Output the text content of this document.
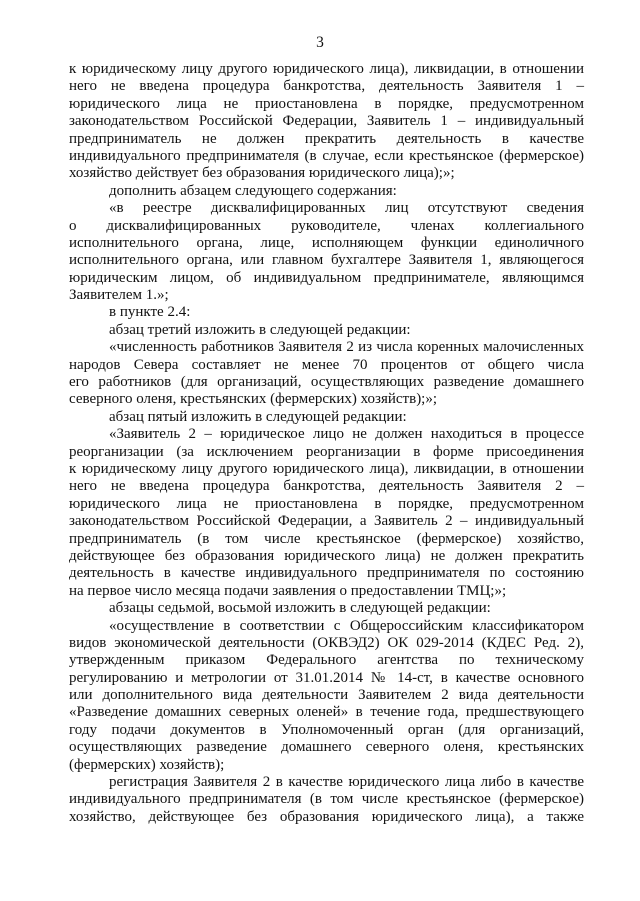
3
к юридическому лицу другого юридического лица), ликвидации, в отношении
него не введена процедура банкротства, деятельность Заявителя 1 –
юридического лица не приостановлена в порядке, предусмотренном
законодательством Российской Федерации, Заявитель 1 – индивидуальный
предприниматель не должен прекратить деятельность в качестве
индивидуального предпринимателя (в случае, если крестьянское (фермерское)
хозяйство действует без образования юридического лица);»;
дополнить абзацем следующего содержания:
«в реестре дисквалифицированных лиц отсутствуют сведения
о дисквалифицированных руководителе, членах коллегиального
исполнительного органа, лице, исполняющем функции единоличного
исполнительного органа, или главном бухгалтере Заявителя 1, являющегося
юридическим лицом, об индивидуальном предпринимателе, являющимся
Заявителем 1.»;
в пункте 2.4:
абзац третий изложить в следующей редакции:
«численность работников Заявителя 2 из числа коренных малочисленных
народов Севера составляет не менее 70 процентов от общего числа
его работников (для организаций, осуществляющих разведение домашнего
северного оленя, крестьянских (фермерских) хозяйств);»;
абзац пятый изложить в следующей редакции:
«Заявитель 2 – юридическое лицо не должен находиться в процессе
реорганизации (за исключением реорганизации в форме присоединения
к юридическому лицу другого юридического лица), ликвидации, в отношении
него не введена процедура банкротства, деятельность Заявителя 2 –
юридического лица не приостановлена в порядке, предусмотренном
законодательством Российской Федерации, а Заявитель 2 – индивидуальный
предприниматель (в том числе крестьянское (фермерское) хозяйство,
действующее без образования юридического лица) не должен прекратить
деятельность в качестве индивидуального предпринимателя по состоянию
на первое число месяца подачи заявления о предоставлении ТМЦ;»;
абзацы седьмой, восьмой изложить в следующей редакции:
«осуществление в соответствии с Общероссийским классификатором
видов экономической деятельности (ОКВЭД2) ОК 029-2014 (КДЕС Ред. 2),
утвержденным приказом Федерального агентства по техническому
регулированию и метрологии от 31.01.2014 № 14-ст, в качестве основного
или дополнительного вида деятельности Заявителем 2 вида деятельности
«Разведение домашних северных оленей» в течение года, предшествующего
году подачи документов в Уполномоченный орган (для организаций,
осуществляющих разведение домашнего северного оленя, крестьянских
(фермерских) хозяйств);
регистрация Заявителя 2 в качестве юридического лица либо в качестве
индивидуального предпринимателя (в том числе крестьянское (фермерское)
хозяйство, действующее без образования юридического лица), а также
